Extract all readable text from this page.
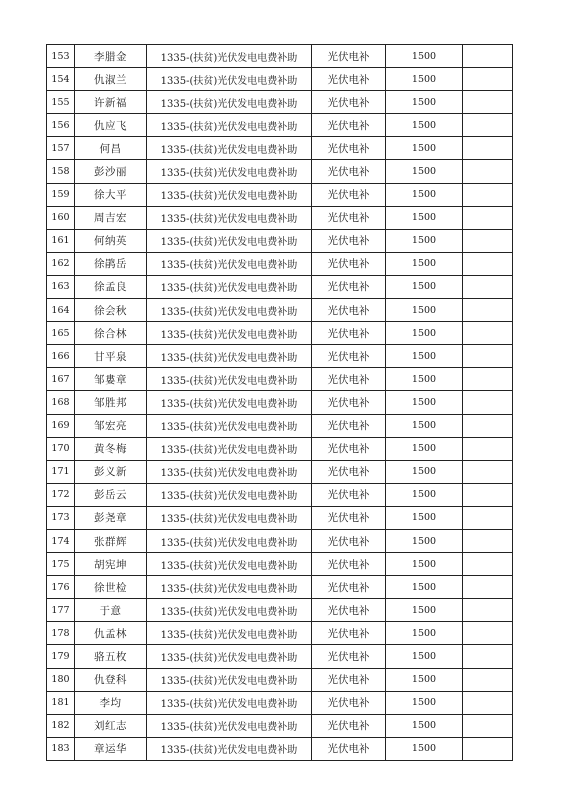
153	李腊金	1335-(扶贫)光伏发电电费补助	光伏电补	1500	
154	仇淑兰	1335-(扶贫)光伏发电电费补助	光伏电补	1500	
155	许新福	1335-(扶贫)光伏发电电费补助	光伏电补	1500	
156	仇应飞	1335-(扶贫)光伏发电电费补助	光伏电补	1500	
157	何昌	1335-(扶贫)光伏发电电费补助	光伏电补	1500	
158	彭沙丽	1335-(扶贫)光伏发电电费补助	光伏电补	1500	
159	徐大平	1335-(扶贫)光伏发电电费补助	光伏电补	1500	
160	周吉宏	1335-(扶贫)光伏发电电费补助	光伏电补	1500	
161	何纳英	1335-(扶贫)光伏发电电费补助	光伏电补	1500	
162	徐鹃岳	1335-(扶贫)光伏发电电费补助	光伏电补	1500	
163	徐孟良	1335-(扶贫)光伏发电电费补助	光伏电补	1500	
164	徐会秋	1335-(扶贫)光伏发电电费补助	光伏电补	1500	
165	徐合林	1335-(扶贫)光伏发电电费补助	光伏电补	1500	
166	甘平泉	1335-(扶贫)光伏发电电费补助	光伏电补	1500	
167	邹婁章	1335-(扶贫)光伏发电电费补助	光伏电补	1500	
168	邹胜邦	1335-(扶贫)光伏发电电费补助	光伏电补	1500	
169	邹宏亮	1335-(扶贫)光伏发电电费补助	光伏电补	1500	
170	黄冬梅	1335-(扶贫)光伏发电电费补助	光伏电补	1500	
171	彭义新	1335-(扶贫)光伏发电电费补助	光伏电补	1500	
172	彭岳云	1335-(扶贫)光伏发电电费补助	光伏电补	1500	
173	彭尧章	1335-(扶贫)光伏发电电费补助	光伏电补	1500	
174	张群辉	1335-(扶贫)光伏发电电费补助	光伏电补	1500	
175	胡宪坤	1335-(扶贫)光伏发电电费补助	光伏电补	1500	
176	徐世检	1335-(扶贫)光伏发电电费补助	光伏电补	1500	
177	于意	1335-(扶贫)光伏发电电费补助	光伏电补	1500	
178	仇孟林	1335-(扶贫)光伏发电电费补助	光伏电补	1500	
179	骆五枚	1335-(扶贫)光伏发电电费补助	光伏电补	1500	
180	仇登科	1335-(扶贫)光伏发电电费补助	光伏电补	1500	
181	李均	1335-(扶贫)光伏发电电费补助	光伏电补	1500	
182	刘红志	1335-(扶贫)光伏发电电费补助	光伏电补	1500	
183	章运华	1335-(扶贫)光伏发电电费补助	光伏电补	1500	
